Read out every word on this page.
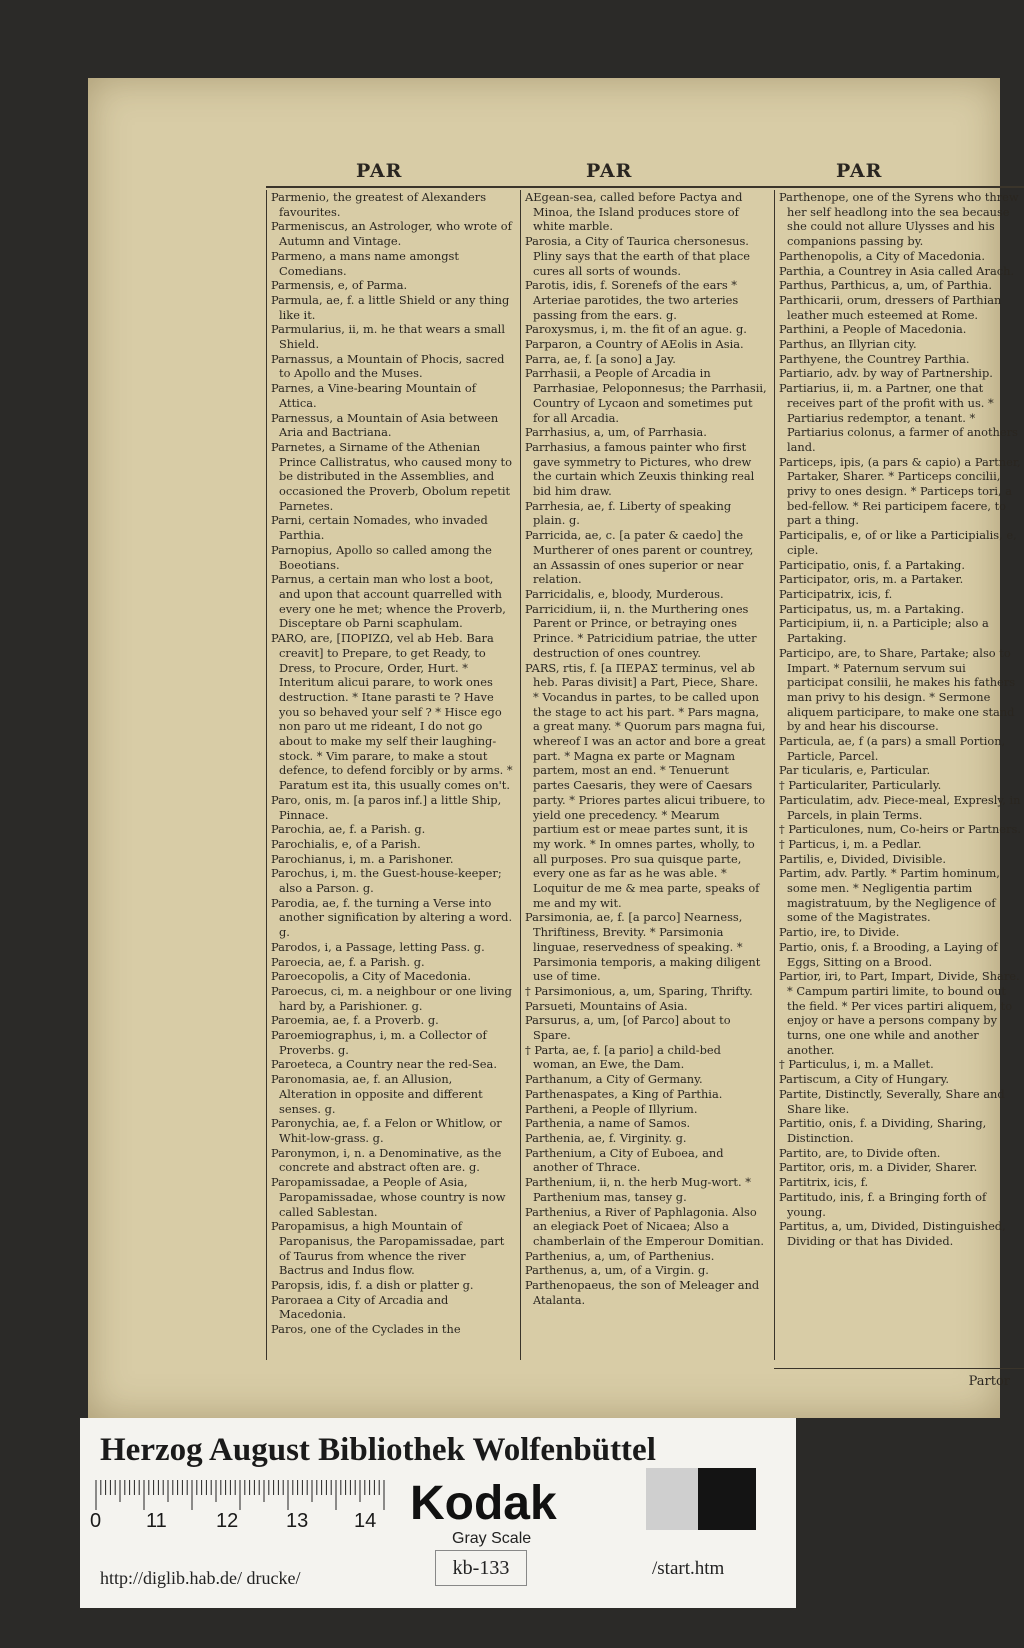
PAR	PAR	PAR

Parmenio, the greatest of Alexanders favourites.

Parmeniscus, an Astrologer, who wrote of Autumn and Vintage.

Parmeno, a mans name amongst Comedians.

Parmensis, e, of Parma.

Parmula, ae, f. a little Shield or any thing like it.

Parmularius, ii, m. he that wears a small Shield.

Parnassus, a Mountain of Phocis, sacred to Apollo and the Muses.

Parnes, a Vine-bearing Mountain of Attica.

Parnessus, a Mountain of Asia between Aria and Bactriana.

Parnetes, a Sirname of the Athenian Prince Callistratus, who caused mony to be distributed in the Assemblies, and occasioned the Proverb, Obolum repetit Parnetes.

Parni, certain Nomades, who invaded Parthia.

Parnopius, Apollo so called among the Boeotians.

Parnus, a certain man who lost a boot, and upon that account quarrelled with every one he met; whence the Proverb, Disceptare ob Parni scaphulam.

PARO, are, [ΠΟΡΙΖΩ, vel ab Heb. Bara creavit] to Prepare, to get Ready, to Dress, to Procure, Order, Hurt. * Interitum alicui parare, to work ones destruction. * Itane parasti te ? Have you so behaved your self ? * Hisce ego non paro ut me rideant, I do not go about to make my self their laughing-stock. * Vim parare, to make a stout defence, to defend forcibly or by arms. * Paratum est ita, this usually comes on't.

Paro, onis, m. [a paros inf.] a little Ship, Pinnace.

Parochia, ae, f. a Parish. g.

Parochialis, e, of a Parish.

Parochianus, i, m. a Parishoner.

Parochus, i, m. the Guest-house-keeper; also a Parson. g.

Parodia, ae, f. the turning a Verse into another signification by altering a word. g.

Parodos, i, a Passage, letting Pass. g.

Paroecia, ae, f. a Parish. g.

Paroecopolis, a City of Macedonia.

Paroecus, ci, m. a neighbour or one living hard by, a Parishioner. g.

Paroemia, ae, f. a Proverb. g.

Paroemiographus, i, m. a Collector of Proverbs. g.

Paroeteca, a Country near the red-Sea.

Paronomasia, ae, f. an Allusion, Alteration in opposite and different senses. g.

Paronychia, ae, f. a Felon or Whitlow, or Whit-low-grass. g.

Paronymon, i, n. a Denominative, as the concrete and abstract often are. g.

Paropamissadae, a People of Asia, Paropamissadae, whose country is now called Sablestan.

Paropamisus, a high Mountain of Paropanisus, the Paropamissadae, part of Taurus from whence the river Bactrus and Indus flow.

Paropsis, idis, f. a dish or platter g.

Paroraea a City of Arcadia and Macedonia.

Paros, one of the Cyclades in the

AEgean-sea, called before Pactya and Minoa, the Island produces store of white marble.

Parosia, a City of Taurica chersonesus. Pliny says that the earth of that place cures all sorts of wounds.

Parotis, idis, f. Sorenefs of the ears * Arteriae parotides, the two arteries passing from the ears. g.

Paroxysmus, i, m. the fit of an ague. g.

Parparon, a Country of AEolis in Asia.

Parra, ae, f. [a sono] a Jay.

Parrhasii, a People of Arcadia in Parrhasiae, Peloponnesus; the Parrhasii, Country of Lycaon and sometimes put for all Arcadia.

Parrhasius, a, um, of Parrhasia.

Parrhasius, a famous painter who first gave symmetry to Pictures, who drew the curtain which Zeuxis thinking real bid him draw.

Parrhesia, ae, f. Liberty of speaking plain. g.

Parricida, ae, c. [a pater & caedo] the Murtherer of ones parent or countrey, an Assassin of ones superior or near relation.

Parricidalis, e, bloody, Murderous.

Parricidium, ii, n. the Murthering ones Parent or Prince, or betraying ones Prince. * Patricidium patriae, the utter destruction of ones countrey.

PARS, rtis, f. [a ΠΕΡΑΣ terminus, vel ab heb. Paras divisit] a Part, Piece, Share. * Vocandus in partes, to be called upon the stage to act his part. * Pars magna, a great many. * Quorum pars magna fui, whereof I was an actor and bore a great part. * Magna ex parte or Magnam partem, most an end. * Tenuerunt partes Caesaris, they were of Caesars party. * Priores partes alicui tribuere, to yield one precedency. * Mearum partium est or meae partes sunt, it is my work. * In omnes partes, wholly, to all purposes. Pro sua quisque parte, every one as far as he was able. * Loquitur de me & mea parte, speaks of me and my wit.

Parsimonia, ae, f. [a parco] Nearness, Thriftiness, Brevity. * Parsimonia linguae, reservedness of speaking. * Parsimonia temporis, a making diligent use of time.

† Parsimonious, a, um, Sparing, Thrifty.

Parsueti, Mountains of Asia.

Parsurus, a, um, [of Parco] about to Spare.

† Parta, ae, f. [a pario] a child-bed woman, an Ewe, the Dam.

Parthanum, a City of Germany.

Parthenaspates, a King of Parthia.

Partheni, a People of Illyrium.

Parthenia, a name of Samos.

Parthenia, ae, f. Virginity. g.

Parthenium, a City of Euboea, and another of Thrace.

Parthenium, ii, n. the herb Mug-wort. * Parthenium mas, tansey g.

Parthenius, a River of Paphlagonia. Also an elegiack Poet of Nicaea; Also a chamberlain of the Emperour Domitian.

Parthenius, a, um, of Parthenius.

Parthenus, a, um, of a Virgin. g.

Parthenopaeus, the son of Meleager and Atalanta.

Parthenope, one of the Syrens who threw her self headlong into the sea because she could not allure Ulysses and his companions passing by.

Parthenopolis, a City of Macedonia.

Parthia, a Countrey in Asia called Arach.

Parthus, Parthicus, a, um, of Parthia.

Parthicarii, orum, dressers of Parthian leather much esteemed at Rome.

Parthini, a People of Macedonia.

Parthus, an Illyrian city.

Parthyene, the Countrey Parthia.

Partiario, adv. by way of Partnership.

Partiarius, ii, m. a Partner, one that receives part of the profit with us. * Partiarius redemptor, a tenant. * Partiarius colonus, a farmer of anothers land.

Particeps, ipis, (a pars & capio) a Partner, Partaker, Sharer. * Particeps concilii, privy to ones design. * Particeps tori, a bed-fellow. * Rei participem facere, to part a thing.

Participalis, e, of or like a Participialis, e, ciple.

Participatio, onis, f. a Partaking.

Participator, oris, m. a Partaker.

Participatrix, icis, f.

Participatus, us, m. a Partaking.

Participium, ii, n. a Participle; also a Partaking.

Participo, are, to Share, Partake; also to Impart. * Paternum servum sui participat consilii, he makes his fathers man privy to his design. * Sermone aliquem participare, to make one stand by and hear his discourse.

Particula, ae, f (a pars) a small Portion, Particle, Parcel.

Par ticularis, e, Particular.

† Particulariter, Particularly.

Particulatim, adv. Piece-meal, Expresly, in Parcels, in plain Terms.

† Particulones, num, Co-heirs or Partners.

† Particus, i, m. a Pedlar.

Partilis, e, Divided, Divisible.

Partim, adv. Partly. * Partim hominum, some men. * Negligentia partim magistratuum, by the Negligence of some of the Magistrates.

Partio, ire, to Divide.

Partio, onis, f. a Brooding, a Laying of Eggs, Sitting on a Brood.

Partior, iri, to Part, Impart, Divide, Share. * Campum partiri limite, to bound out the field. * Per vices partiri aliquem, to enjoy or have a persons company by turns, one one while and another another.

† Particulus, i, m. a Mallet.

Partiscum, a City of Hungary.

Partite, Distinctly, Severally, Share and Share like.

Partitio, onis, f. a Dividing, Sharing, Distinction.

Partito, are, to Divide often.

Partitor, oris, m. a Divider, Sharer.

Partitrix, icis, f.

Partitudo, inis, f. a Bringing forth of young.

Partitus, a, um, Divided, Distinguished, Dividing or that has Divided.

Partor
Herzog August Bibliothek Wolfenbüttel
0 11 12 13 14 Kodak
Gray Scale
http://diglib.hab.de/ drucke/	kb-133	/start.htm
